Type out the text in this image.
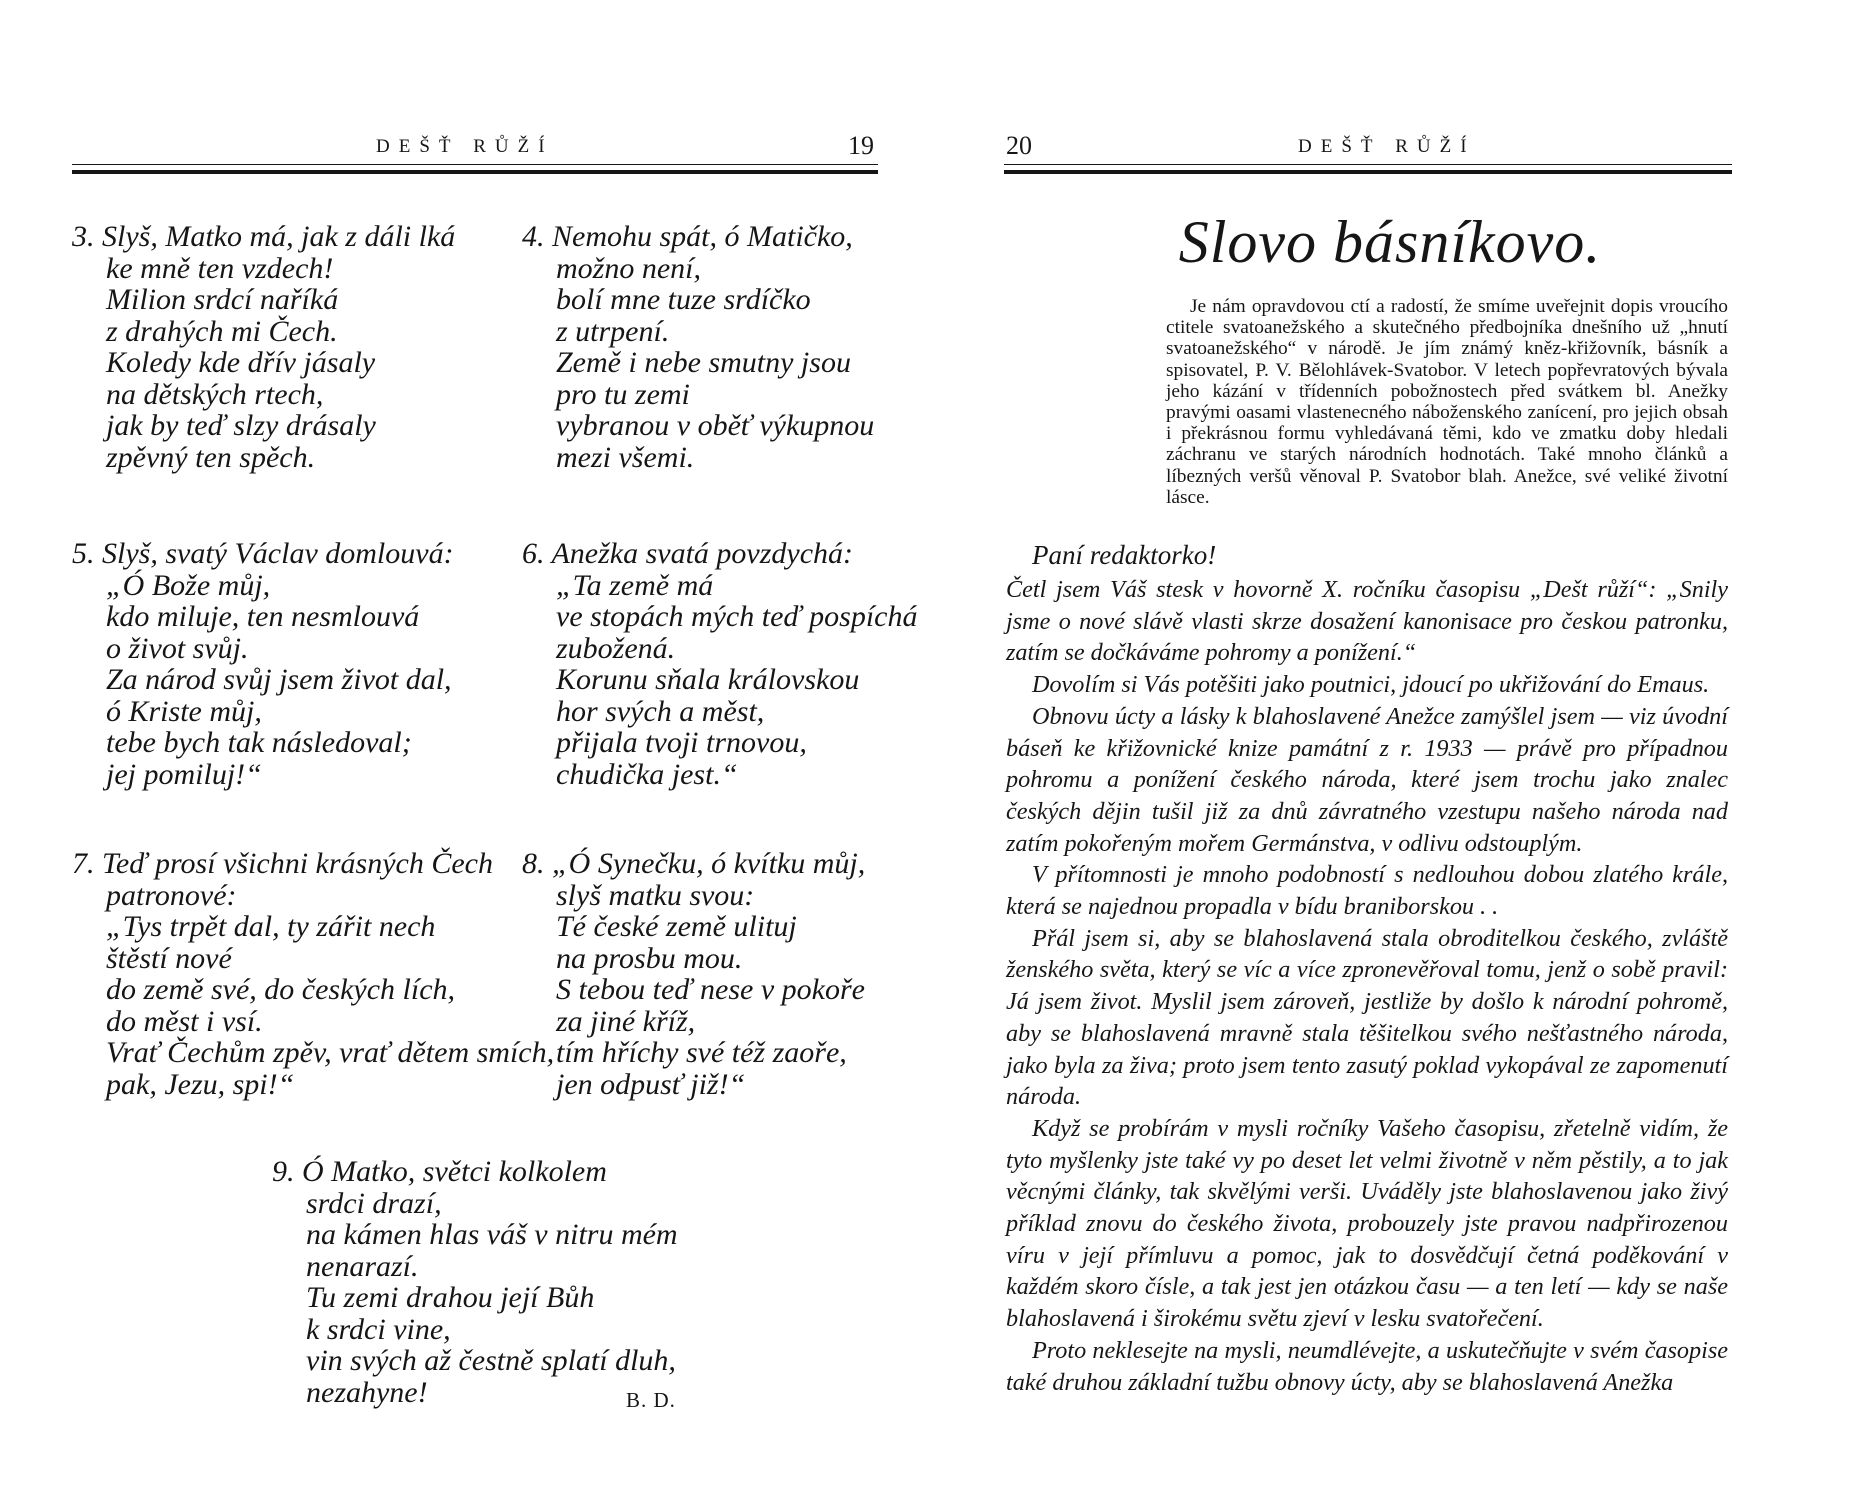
DEŠŤ RŮŽÍ	19
3. Slyš, Matko má, jak z dáli lká
ke mně ten vzdech!
Milion srdcí naříká
z drahých mi Čech.
Koledy kde dřív jásaly
na dětských rtech,
jak by teď slzy drásaly
zpěvný ten spěch.
4. Nemohu spát, ó Matičko,
možno není,
bolí mne tuze srdíčko
z utrpení.
Země i nebe smutny jsou
pro tu zemi
vybranou v oběť výkupnou
mezi všemi.
5. Slyš, svatý Václav domlouvá:
„Ó Bože můj,
kdo miluje, ten nesmlouvá
o život svůj.
Za národ svůj jsem život dal,
ó Kriste můj,
tebe bych tak následoval;
jej pomiluj!“
6. Anežka svatá povzdychá:
„Ta země má
ve stopách mých teď pospíchá
zubožená.
Korunu sňala královskou
hor svých a měst,
přijala tvoji trnovou,
chudička jest.“
7. Teď prosí všichni krásných Čech
patronové:
„Tys trpět dal, ty zářit nech
štěstí nové
do země své, do českých lích,
do měst i vsí.
Vrať Čechům zpěv, vrať dětem smích,
pak, Jezu, spi!“
8. „Ó Synečku, ó kvítku můj,
slyš matku svou:
Té české země ulituj
na prosbu mou.
S tebou teď nese v pokoře
za jiné kříž,
tím hříchy své též zaoře,
jen odpusť již!“
9. Ó Matko, světci kolkolem
srdci drazí,
na kámen hlas váš v nitru mém
nenarazí.
Tu zemi drahou její Bůh
k srdci vine,
vin svých až čestně splatí dluh,
nezahyne!	B. D.
20	DEŠŤ RŮŽÍ
Slovo básníkovo.

Je nám opravdovou ctí a radostí, že smíme uveřejnit dopis vroucího ctitele svatoanežského a skutečného předbojníka dnešního už „hnutí svatoanežského“ v národě. Je jím známý kněz-křižovník, básník a spisovatel, P. V. Bělohlávek-Svatobor. V letech popřevratových bývala jeho kázání v třídenních pobožnostech před svátkem bl. Anežky pravými oasami vlastenecného náboženského zanícení, pro jejich obsah i překrásnou formu vyhledávaná těmi, kdo ve zmatku doby hledali záchranu ve starých národních hodnotách. Také mnoho článků a líbezných veršů věnoval P. Svatobor blah. Anežce, své veliké životní lásce.

Paní redaktorko!

Četl jsem Váš stesk v hovorně X. ročníku časopisu „Dešt růží“: „Snily jsme o nové slávě vlasti skrze dosažení kanonisace pro českou patronku, zatím se dočkáváme pohromy a ponížení.“

Dovolím si Vás potěšiti jako poutnici, jdoucí po ukřižování do Emaus.

Obnovu úcty a lásky k blahoslavené Anežce zamýšlel jsem — viz úvodní báseň ke křižovnické knize památní z r. 1933 — právě pro případnou pohromu a ponížení českého národa, které jsem trochu jako znalec českých dějin tušil již za dnů závratného vzestupu našeho národa nad zatím pokořeným mořem Germánstva, v odlivu odstouplým.

V přítomnosti je mnoho podobností s nedlouhou dobou zlatého krále, která se najednou propadla v bídu braniborskou . .

Přál jsem si, aby se blahoslavená stala obroditelkou českého, zvláště ženského světa, který se víc a více zpronevěřoval tomu, jenž o sobě pravil: Já jsem život. Myslil jsem zároveň, jestliže by došlo k národní pohromě, aby se blahoslavená mravně stala těšitelkou svého nešťastného národa, jako byla za živa; proto jsem tento zasutý poklad vykopával ze zapomenutí národa.

Když se probírám v mysli ročníky Vašeho časopisu, zřetelně vidím, že tyto myšlenky jste také vy po deset let velmi životně v něm pěstily, a to jak věcnými články, tak skvělými verši. Uváděly jste blahoslavenou jako živý příklad znovu do českého života, probouzely jste pravou nadpřirozenou víru v její přímluvu a pomoc, jak to dosvědčují četná poděkování v každém skoro čísle, a tak jest jen otázkou času — a ten letí — kdy se naše blahoslavená i širokému světu zjeví v lesku svatořečení.

Proto neklesejte na mysli, neumdlévejte, a uskutečňujte v svém časopise také druhou základní tužbu obnovy úcty, aby se blahoslavená Anežka
